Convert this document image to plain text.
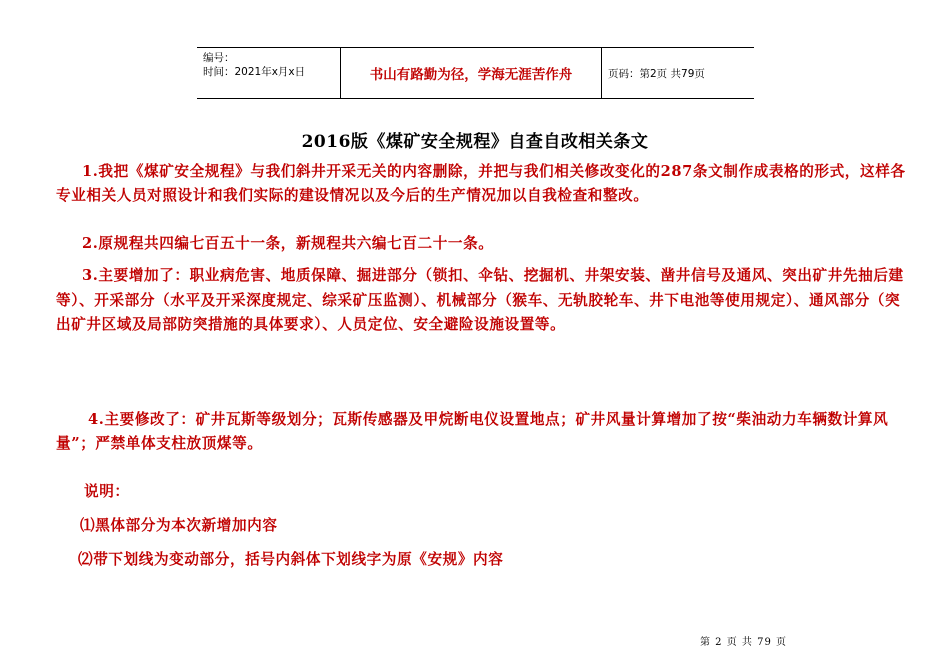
编号：
时间：2021年x月x日	书山有路勤为径，学海无涯苦作舟	页码：第2页 共79页
2016版《煤矿安全规程》自查自改相关条文
1.我把《煤矿安全规程》与我们斜井开采无关的内容删除，并把与我们相关修改变化的287条文制作成表格的形式，这样各专业相关人员对照设计和我们实际的建设情况以及今后的生产情况加以自我检查和整改。
2.原规程共四编七百五十一条，新规程共六编七百二十一条。
3.主要增加了：职业病危害、地质保障、掘进部分（锁扣、伞钻、挖掘机、井架安装、凿井信号及通风、突出矿井先抽后建等）、开采部分（水平及开采深度规定、综采矿压监测）、机械部分（猴车、无轨胶轮车、井下电池等使用规定）、通风部分（突出矿井区域及局部防突措施的具体要求）、人员定位、安全避险设施设置等。
4.主要修改了：矿井瓦斯等级划分；瓦斯传感器及甲烷断电仪设置地点；矿井风量计算增加了按“柴油动力车辆数计算风量”；严禁单体支柱放顶煤等。
说明：
⑴黑体部分为本次新增加内容
⑵带下划线为变动部分，括号内斜体下划线字为原《安规》内容
第 2 页 共 79 页
